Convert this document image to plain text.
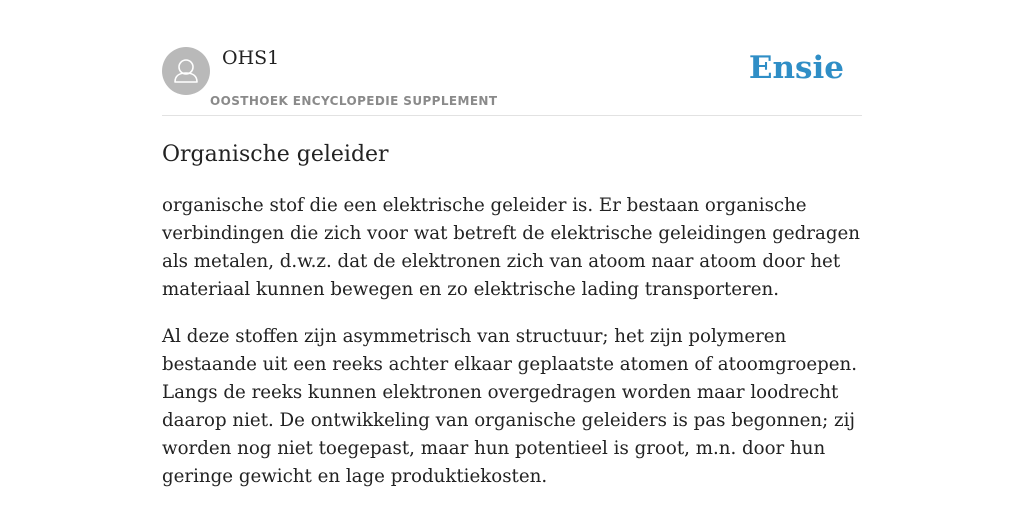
OHS1
OOSTHOEK ENCYCLOPEDIE SUPPLEMENT
Ensie
Organische geleider

organische stof die een elektrische geleider is. Er bestaan organische verbindingen die zich voor wat betreft de elektrische geleidingen gedragen als metalen, d.w.z. dat de elektronen zich van atoom naar atoom door het materiaal kunnen bewegen en zo elektrische lading transporteren.

Al deze stoffen zijn asymmetrisch van structuur; het zijn polymeren bestaande uit een reeks achter elkaar geplaatste atomen of atoomgroepen. Langs de reeks kunnen elektronen overgedragen worden maar loodrecht daarop niet. De ontwikkeling van organische geleiders is pas begonnen; zij worden nog niet toegepast, maar hun potentieel is groot, m.n. door hun geringe gewicht en lage produktiekosten.
